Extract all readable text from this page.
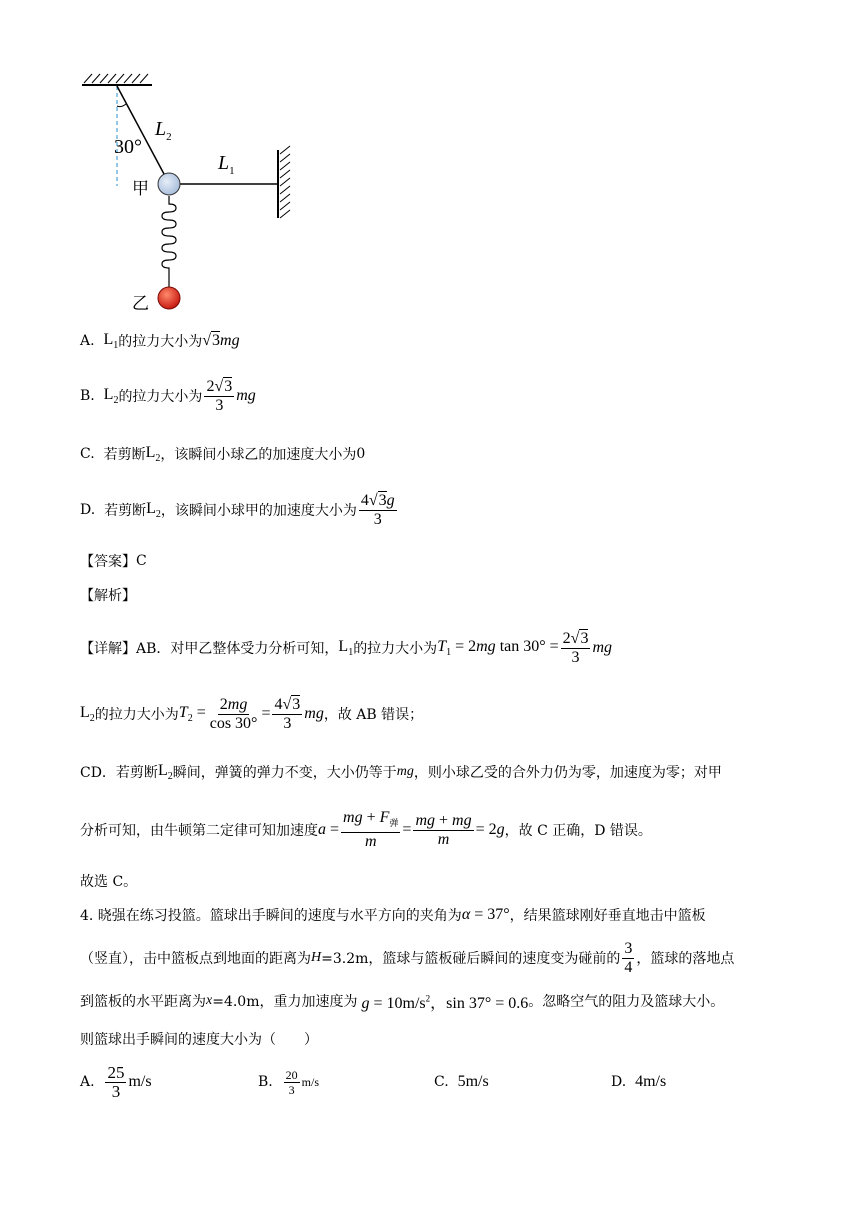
$L_2$
30°
$L_1$
甲
乙
A.
$L_1$ 的拉力大小为 √3mg
B.
$L_2$ 的拉力大小为 $\frac{2√3}{3}$ mg
C.
若剪断 $L_2$ ，该瞬间小球乙的加速度大小为 0
D.
若剪断 $L_2$ ，该瞬间小球甲的加速度大小为 $\frac{4√3g}{3}$
【答案】 C
【解析】
【详解】 AB．对甲乙整体受力分析可知， $L_1$ 的拉力大小为 $T_1 = 2mg$ $\tan 30^\circ = \frac{2√3}{3}$ mg
$L_2$ 的拉力大小为 $T_2 = \frac{2mg}{\cos 30^\circ} = \frac{4√3}{3}$ mg ，故 AB 错误；
CD．若剪断 $L_2$ 瞬间，弹簧的弹力不变，大小仍等于 mg ，则小球乙受的合外力仍为零，加速度为零；对甲
分析可知，由牛顿第二定律可知加速度 $a = \frac{mg + F_弹}{m} = \frac{mg + mg}{m} = 2g$ ，故 C 正确，D 错误。
故选 C。
4. 晓强在练习投篮。篮球出手瞬间的速度与水平方向的夹角为 α = 37° ，结果篮球刚好垂直地击中篮板
（竖直），击中篮板点到地面的距离为 H =3.2m，篮球与篮板碰后瞬间的速度变为碰前的 $\frac{3}{4}$ ，篮球的落地点
到篮板的水平距离为 x =4.0m，重力加速度为 $g = 10m/s^2$，sin 37° = 0.6 。忽略空气的阻力及篮球大小。
则篮球出手瞬间的速度大小为（　　）
A.
$\frac{25}{3} m/s$	B.
$\frac{20}{3} m/s$	C.
5m/s	D.
4m/s
